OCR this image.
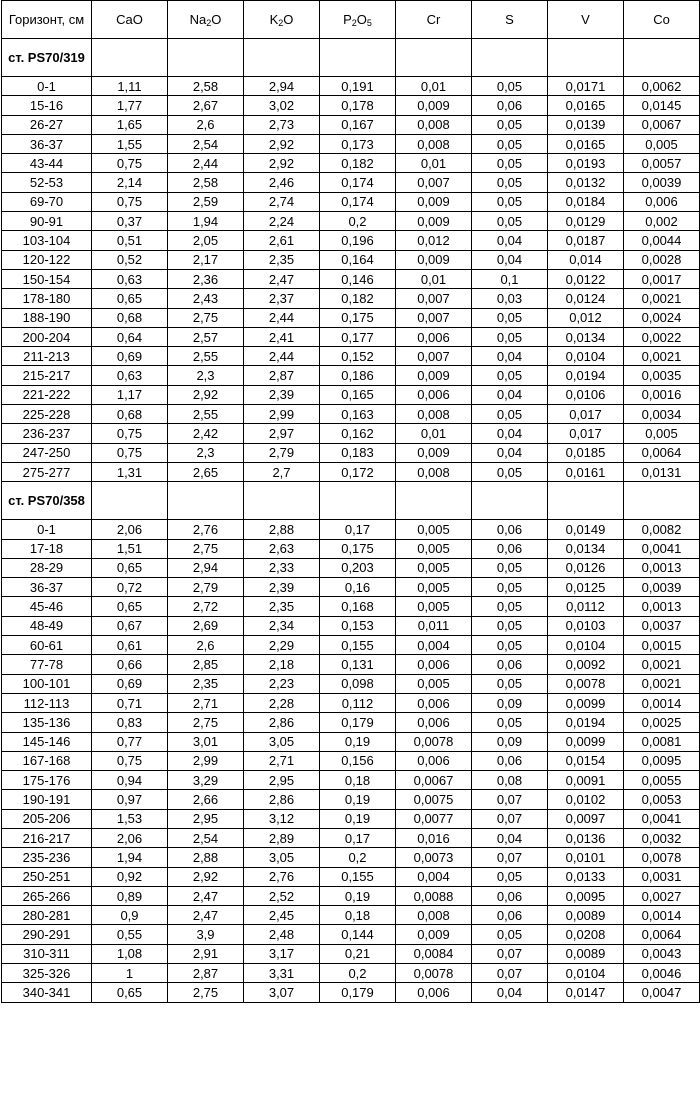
Горизонт, см	CaO	$Na_2O$	$K_2O$	$P_2O_5$	Cr	S	V	Co
ст. PS70/319								
0-1	1,11	2,58	2,94	0,191	0,01	0,05	0,0171	0,0062
15-16	1,77	2,67	3,02	0,178	0,009	0,06	0,0165	0,0145
26-27	1,65	2,6	2,73	0,167	0,008	0,05	0,0139	0,0067
36-37	1,55	2,54	2,92	0,173	0,008	0,05	0,0165	0,005
43-44	0,75	2,44	2,92	0,182	0,01	0,05	0,0193	0,0057
52-53	2,14	2,58	2,46	0,174	0,007	0,05	0,0132	0,0039
69-70	0,75	2,59	2,74	0,174	0,009	0,05	0,0184	0,006
90-91	0,37	1,94	2,24	0,2	0,009	0,05	0,0129	0,002
103-104	0,51	2,05	2,61	0,196	0,012	0,04	0,0187	0,0044
120-122	0,52	2,17	2,35	0,164	0,009	0,04	0,014	0,0028
150-154	0,63	2,36	2,47	0,146	0,01	0,1	0,0122	0,0017
178-180	0,65	2,43	2,37	0,182	0,007	0,03	0,0124	0,0021
188-190	0,68	2,75	2,44	0,175	0,007	0,05	0,012	0,0024
200-204	0,64	2,57	2,41	0,177	0,006	0,05	0,0134	0,0022
211-213	0,69	2,55	2,44	0,152	0,007	0,04	0,0104	0,0021
215-217	0,63	2,3	2,87	0,186	0,009	0,05	0,0194	0,0035
221-222	1,17	2,92	2,39	0,165	0,006	0,04	0,0106	0,0016
225-228	0,68	2,55	2,99	0,163	0,008	0,05	0,017	0,0034
236-237	0,75	2,42	2,97	0,162	0,01	0,04	0,017	0,005
247-250	0,75	2,3	2,79	0,183	0,009	0,04	0,0185	0,0064
275-277	1,31	2,65	2,7	0,172	0,008	0,05	0,0161	0,0131
ст. PS70/358								
0-1	2,06	2,76	2,88	0,17	0,005	0,06	0,0149	0,0082
17-18	1,51	2,75	2,63	0,175	0,005	0,06	0,0134	0,0041
28-29	0,65	2,94	2,33	0,203	0,005	0,05	0,0126	0,0013
36-37	0,72	2,79	2,39	0,16	0,005	0,05	0,0125	0,0039
45-46	0,65	2,72	2,35	0,168	0,005	0,05	0,0112	0,0013
48-49	0,67	2,69	2,34	0,153	0,011	0,05	0,0103	0,0037
60-61	0,61	2,6	2,29	0,155	0,004	0,05	0,0104	0,0015
77-78	0,66	2,85	2,18	0,131	0,006	0,06	0,0092	0,0021
100-101	0,69	2,35	2,23	0,098	0,005	0,05	0,0078	0,0021
112-113	0,71	2,71	2,28	0,112	0,006	0,09	0,0099	0,0014
135-136	0,83	2,75	2,86	0,179	0,006	0,05	0,0194	0,0025
145-146	0,77	3,01	3,05	0,19	0,0078	0,09	0,0099	0,0081
167-168	0,75	2,99	2,71	0,156	0,006	0,06	0,0154	0,0095
175-176	0,94	3,29	2,95	0,18	0,0067	0,08	0,0091	0,0055
190-191	0,97	2,66	2,86	0,19	0,0075	0,07	0,0102	0,0053
205-206	1,53	2,95	3,12	0,19	0,0077	0,07	0,0097	0,0041
216-217	2,06	2,54	2,89	0,17	0,016	0,04	0,0136	0,0032
235-236	1,94	2,88	3,05	0,2	0,0073	0,07	0,0101	0,0078
250-251	0,92	2,92	2,76	0,155	0,004	0,05	0,0133	0,0031
265-266	0,89	2,47	2,52	0,19	0,0088	0,06	0,0095	0,0027
280-281	0,9	2,47	2,45	0,18	0,008	0,06	0,0089	0,0014
290-291	0,55	3,9	2,48	0,144	0,009	0,05	0,0208	0,0064
310-311	1,08	2,91	3,17	0,21	0,0084	0,07	0,0089	0,0043
325-326	1	2,87	3,31	0,2	0,0078	0,07	0,0104	0,0046
340-341	0,65	2,75	3,07	0,179	0,006	0,04	0,0147	0,0047
